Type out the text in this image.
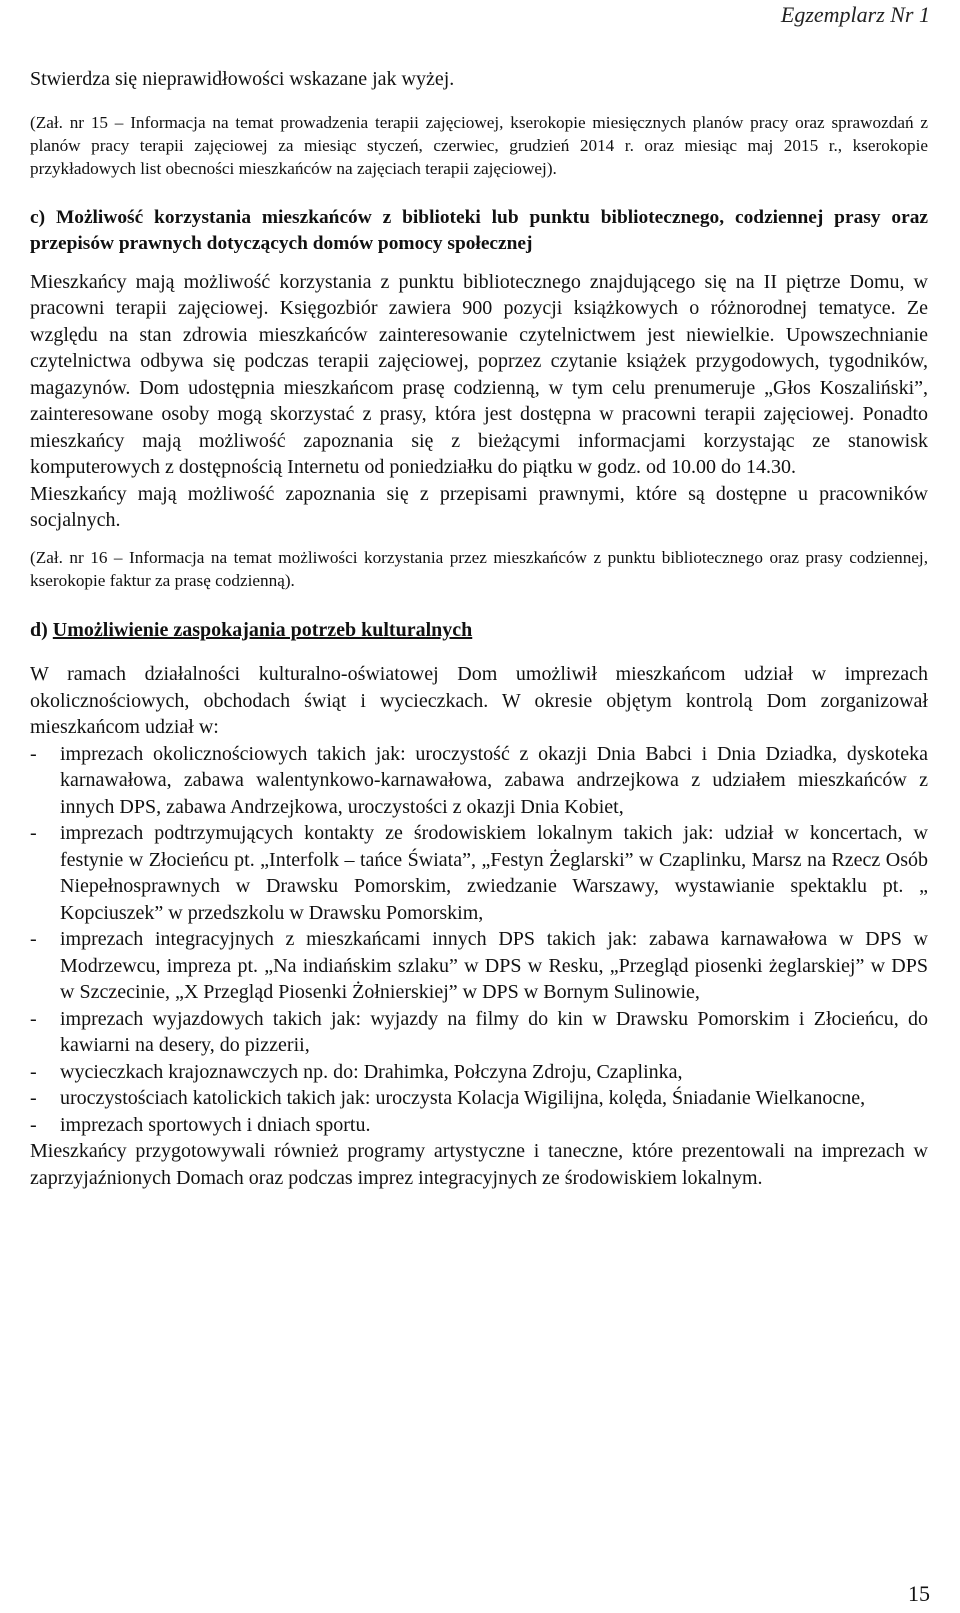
Egzemplarz Nr 1

Stwierdza się nieprawidłowości wskazane jak wyżej.

(Zał. nr 15 – Informacja na temat prowadzenia terapii zajęciowej, kserokopie miesięcznych planów pracy oraz sprawozdań z planów pracy terapii zajęciowej za miesiąc styczeń, czerwiec, grudzień 2014 r. oraz miesiąc maj 2015 r., kserokopie przykładowych list obecności mieszkańców na zajęciach terapii zajęciowej).

c) Możliwość korzystania mieszkańców z biblioteki lub punktu bibliotecznego, codziennej prasy oraz przepisów prawnych dotyczących domów pomocy społecznej

Mieszkańcy mają możliwość korzystania z punktu bibliotecznego znajdującego się na II piętrze Domu, w pracowni terapii zajęciowej. Księgozbiór zawiera 900 pozycji książkowych o różnorodnej tematyce. Ze względu na stan zdrowia mieszkańców zainteresowanie czytelnictwem jest niewielkie. Upowszechnianie czytelnictwa odbywa się podczas terapii zajęciowej, poprzez czytanie książek przygodowych, tygodników, magazynów. Dom udostępnia mieszkańcom prasę codzienną, w tym celu prenumeruje „Głos Koszaliński”, zainteresowane osoby mogą skorzystać z prasy, która jest dostępna w pracowni terapii zajęciowej. Ponadto mieszkańcy mają możliwość zapoznania się z bieżącymi informacjami korzystając ze stanowisk komputerowych z dostępnością Internetu od poniedziałku do piątku w godz. od 10.00 do 14.30.

Mieszkańcy mają możliwość zapoznania się z przepisami prawnymi, które są dostępne u pracowników socjalnych.

(Zał. nr 16 – Informacja na temat możliwości korzystania przez mieszkańców z punktu bibliotecznego oraz prasy codziennej, kserokopie faktur za prasę codzienną).

d) Umożliwienie zaspokajania potrzeb kulturalnych

W ramach działalności kulturalno-oświatowej Dom umożliwił mieszkańcom udział w imprezach okolicznościowych, obchodach świąt i wycieczkach. W okresie objętym kontrolą Dom zorganizował mieszkańcom udział w:

-	imprezach okolicznościowych takich jak: uroczystość z okazji Dnia Babci i Dnia Dziadka, dyskoteka karnawałowa, zabawa walentynkowo-karnawałowa, zabawa andrzejkowa z udziałem mieszkańców z innych DPS, zabawa Andrzejkowa, uroczystości z okazji Dnia Kobiet,
-	imprezach podtrzymujących kontakty ze środowiskiem lokalnym takich jak: udział w koncertach, w festynie w Złocieńcu pt. „Interfolk – tańce Świata”, „Festyn Żeglarski” w Czaplinku, Marsz na Rzecz Osób Niepełnosprawnych w Drawsku Pomorskim, zwiedzanie Warszawy, wystawianie spektaklu pt. „ Kopciuszek” w przedszkolu w Drawsku Pomorskim,
-	imprezach integracyjnych z mieszkańcami innych DPS takich jak: zabawa karnawałowa w DPS w Modrzewcu, impreza pt. „Na indiańskim szlaku” w DPS w Resku, „Przegląd piosenki żeglarskiej” w DPS w Szczecinie, „X Przegląd Piosenki Żołnierskiej” w DPS w Bornym Sulinowie,
-	imprezach wyjazdowych takich jak: wyjazdy na filmy do kin w Drawsku Pomorskim i Złocieńcu, do kawiarni na desery, do pizzerii,
-	wycieczkach krajoznawczych np. do: Drahimka, Połczyna Zdroju, Czaplinka,
-	uroczystościach katolickich takich jak: uroczysta Kolacja Wigilijna, kolęda, Śniadanie Wielkanocne,
-	imprezach sportowych i dniach sportu.

Mieszkańcy przygotowywali również programy artystyczne i taneczne, które prezentowali na imprezach w zaprzyjaźnionych Domach oraz podczas imprez integracyjnych ze środowiskiem lokalnym.

15
